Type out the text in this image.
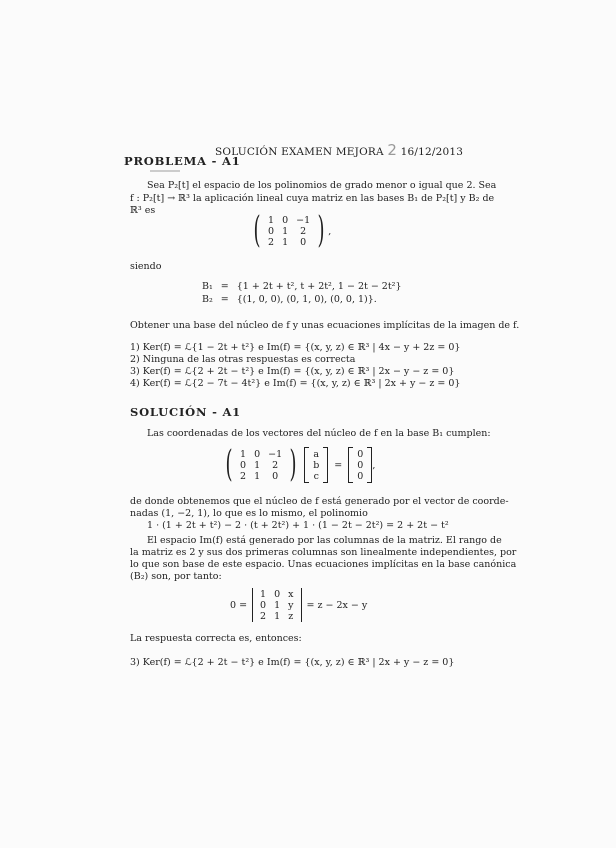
SOLUCIÓN EXAMEN MEJORA 2 16/12/2013
PROBLEMA - A1
Sea P₂[t] el espacio de los polinomios de grado menor o igual que 2. Sea
f : P₂[t] → ℝ³ la aplicación lineal cuya matriz en las bases B₁ de P₂[t] y B₂ de
ℝ³ es	( 1	0	−1
0	1	2
2	1	0 ) ,
siendo
B₁	=	{1 + 2t + t², t + 2t², 1 − 2t − 2t²}
B₂	=	{(1, 0, 0), (0, 1, 0), (0, 0, 1)}.
Obtener una base del núcleo de f y unas ecuaciones implícitas de la imagen de f.
1) Ker(f) = ℒ{1 − 2t + t²} e Im(f) = {(x, y, z) ∈ ℝ³ | 4x − y + 2z = 0}
2) Ninguna de las otras respuestas es correcta
3) Ker(f) = ℒ{2 + 2t − t²} e Im(f) = {(x, y, z) ∈ ℝ³ | 2x − y − z = 0}
4) Ker(f) = ℒ{2 − 7t − 4t²} e Im(f) = {(x, y, z) ∈ ℝ³ | 2x + y − z = 0}
SOLUCIÓN - A1
Las coordenadas de los vectores del núcleo de f en la base B₁ cumplen:
( 1	0	−1
0	1	2
2	1	0 ) a
b
c
=
0
0
0
,
de donde obtenemos que el núcleo de f está generado por el vector de coorde-
nadas (1, −2, 1), lo que es lo mismo, el polinomio
1 · (1 + 2t + t²) − 2 · (t + 2t²) + 1 · (1 − 2t − 2t²) = 2 + 2t − t²
El espacio Im(f) está generado por las columnas de la matriz. El rango de
la matriz es 2 y sus dos primeras columnas son linealmente independientes, por
lo que son base de este espacio. Unas ecuaciones implícitas en la base canónica
(B₂) son, por tanto:
0 =
1	0	x
0	1	y
2	1	z
= z − 2x − y
La respuesta correcta es, entonces:
3) Ker(f) = ℒ{2 + 2t − t²} e Im(f) = {(x, y, z) ∈ ℝ³ | 2x + y − z = 0}
